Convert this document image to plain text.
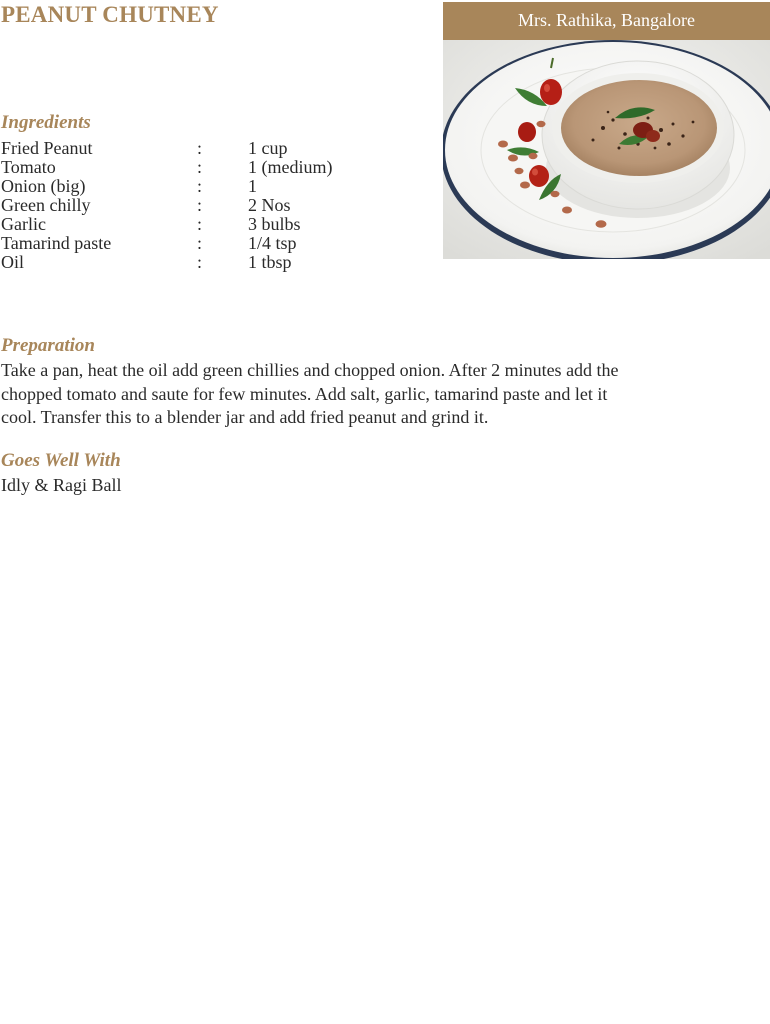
PEANUT CHUTNEY	Mrs. Rathika, Bangalore
Ingredients
Fried Peanut	:	1 cup
Tomato	:	1 (medium)
Onion (big)	:	1
Green chilly	:	2 Nos
Garlic	:	3 bulbs
Tamarind paste	:	1/4 tsp
Oil	:	1 tbsp
Preparation

Take a pan, heat the oil add green chillies and chopped onion. After 2 minutes add the
chopped tomato and saute for few minutes. Add salt, garlic, tamarind paste and let it
cool. Transfer this to a blender jar and add fried peanut and grind it.

Goes Well With

Idly & Ragi Ball
